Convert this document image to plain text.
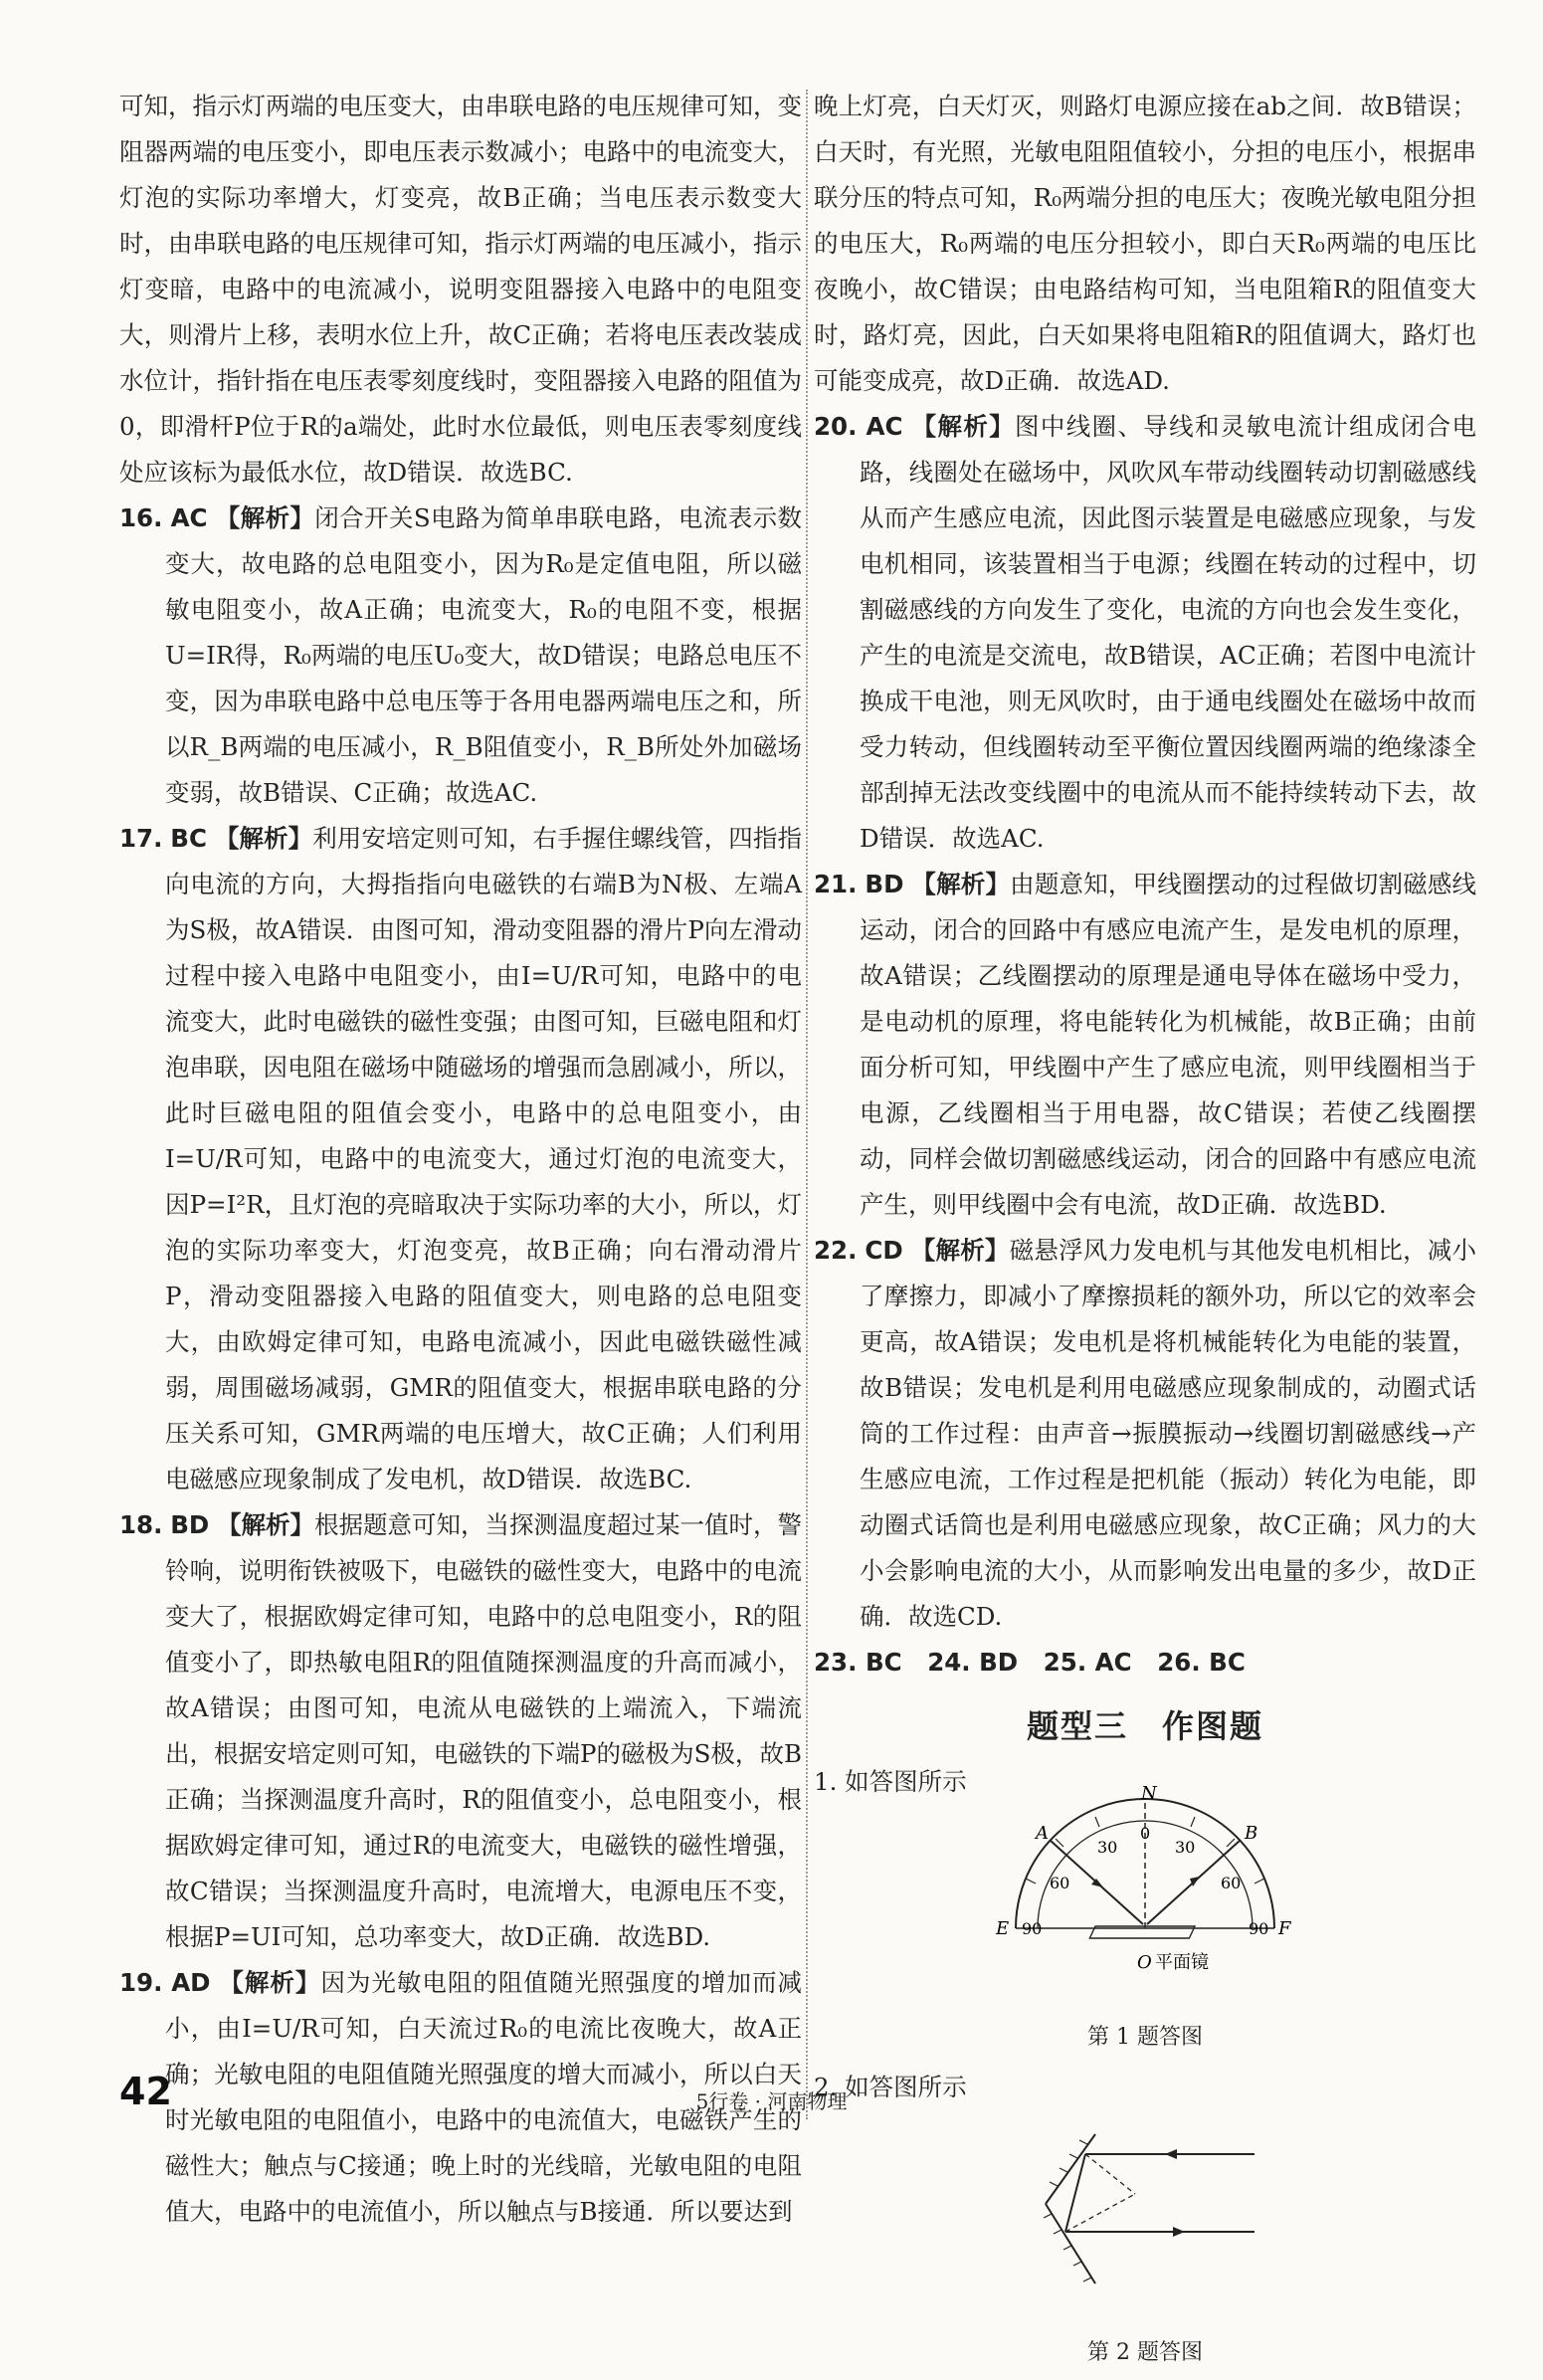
可知，指示灯两端的电压变大，由串联电路的电压规律可知，变阻器两端的电压变小，即电压表示数减小；电路中的电流变大，灯泡的实际功率增大，灯变亮，故B正确；当电压表示数变大时，由串联电路的电压规律可知，指示灯两端的电压减小，指示灯变暗，电路中的电流减小，说明变阻器接入电路中的电阻变大，则滑片上移，表明水位上升，故C正确；若将电压表改装成水位计，指针指在电压表零刻度线时，变阻器接入电路的阻值为0，即滑杆P位于R的a端处，此时水位最低，则电压表零刻度线处应该标为最低水位，故D错误．故选BC.

16. AC 【解析】闭合开关S电路为简单串联电路，电流表示数变大，故电路的总电阻变小，因为R₀是定值电阻，所以磁敏电阻变小，故A正确；电流变大，R₀的电阻不变，根据U=IR得，R₀两端的电压U₀变大，故D错误；电路总电压不变，因为串联电路中总电压等于各用电器两端电压之和，所以R_B两端的电压减小，R_B阻值变小，R_B所处外加磁场变弱，故B错误、C正确；故选AC.

17. BC 【解析】利用安培定则可知，右手握住螺线管，四指指向电流的方向，大拇指指向电磁铁的右端B为N极、左端A为S极，故A错误．由图可知，滑动变阻器的滑片P向左滑动过程中接入电路中电阻变小，由I=U/R可知，电路中的电流变大，此时电磁铁的磁性变强；由图可知，巨磁电阻和灯泡串联，因电阻在磁场中随磁场的增强而急剧减小，所以，此时巨磁电阻的阻值会变小，电路中的总电阻变小，由I=U/R可知，电路中的电流变大，通过灯泡的电流变大，因P=I²R，且灯泡的亮暗取决于实际功率的大小，所以，灯泡的实际功率变大，灯泡变亮，故B正确；向右滑动滑片P，滑动变阻器接入电路的阻值变大，则电路的总电阻变大，由欧姆定律可知，电路电流减小，因此电磁铁磁性减弱，周围磁场减弱，GMR的阻值变大，根据串联电路的分压关系可知，GMR两端的电压增大，故C正确；人们利用电磁感应现象制成了发电机，故D错误．故选BC.

18. BD 【解析】根据题意可知，当探测温度超过某一值时，警铃响，说明衔铁被吸下，电磁铁的磁性变大，电路中的电流变大了，根据欧姆定律可知，电路中的总电阻变小，R的阻值变小了，即热敏电阻R的阻值随探测温度的升高而减小，故A错误；由图可知，电流从电磁铁的上端流入，下端流出，根据安培定则可知，电磁铁的下端P的磁极为S极，故B正确；当探测温度升高时，R的阻值变小，总电阻变小，根据欧姆定律可知，通过R的电流变大，电磁铁的磁性增强，故C错误；当探测温度升高时，电流增大，电源电压不变，根据P=UI可知，总功率变大，故D正确．故选BD.

19. AD 【解析】因为光敏电阻的阻值随光照强度的增加而减小，由I=U/R可知，白天流过R₀的电流比夜晚大，故A正确；光敏电阻的电阻值随光照强度的增大而减小，所以白天时光敏电阻的电阻值小，电路中的电流值大，电磁铁产生的磁性大；触点与C接通；晚上时的光线暗，光敏电阻的电阻值大，电路中的电流值小，所以触点与B接通．所以要达到

晚上灯亮，白天灯灭，则路灯电源应接在ab之间．故B错误；白天时，有光照，光敏电阻阻值较小，分担的电压小，根据串联分压的特点可知，R₀两端分担的电压大；夜晚光敏电阻分担的电压大，R₀两端的电压分担较小，即白天R₀两端的电压比夜晚小，故C错误；由电路结构可知，当电阻箱R的阻值变大时，路灯亮，因此，白天如果将电阻箱R的阻值调大，路灯也可能变成亮，故D正确．故选AD.

20. AC 【解析】图中线圈、导线和灵敏电流计组成闭合电路，线圈处在磁场中，风吹风车带动线圈转动切割磁感线从而产生感应电流，因此图示装置是电磁感应现象，与发电机相同，该装置相当于电源；线圈在转动的过程中，切割磁感线的方向发生了变化，电流的方向也会发生变化，产生的电流是交流电，故B错误，AC正确；若图中电流计换成干电池，则无风吹时，由于通电线圈处在磁场中故而受力转动，但线圈转动至平衡位置因线圈两端的绝缘漆全部刮掉无法改变线圈中的电流从而不能持续转动下去，故D错误．故选AC.

21. BD 【解析】由题意知，甲线圈摆动的过程做切割磁感线运动，闭合的回路中有感应电流产生，是发电机的原理，故A错误；乙线圈摆动的原理是通电导体在磁场中受力，是电动机的原理，将电能转化为机械能，故B正确；由前面分析可知，甲线圈中产生了感应电流，则甲线圈相当于电源，乙线圈相当于用电器，故C错误；若使乙线圈摆动，同样会做切割磁感线运动，闭合的回路中有感应电流产生，则甲线圈中会有电流，故D正确．故选BD.

22. CD 【解析】磁悬浮风力发电机与其他发电机相比，减小了摩擦力，即减小了摩擦损耗的额外功，所以它的效率会更高，故A错误；发电机是将机械能转化为电能的装置，故B错误；发电机是利用电磁感应现象制成的，动圈式话筒的工作过程：由声音→振膜振动→线圈切割磁感线→产生感应电流，工作过程是把机能（振动）转化为电能，即动圈式话筒也是利用电磁感应现象，故C正确；风力的大小会影响电流的大小，从而影响发出电量的多少，故D正确．故选CD.

23. BC 24. BD 25. AC 26. BC

题型三　作图题

1. 如答图所示	N
A	B
E	F
30
0
30
60	60
90	90
O 平面镜
第 1 题答图

2. 如答图所示

第 2 题答图
42	5行卷 · 河南物理
